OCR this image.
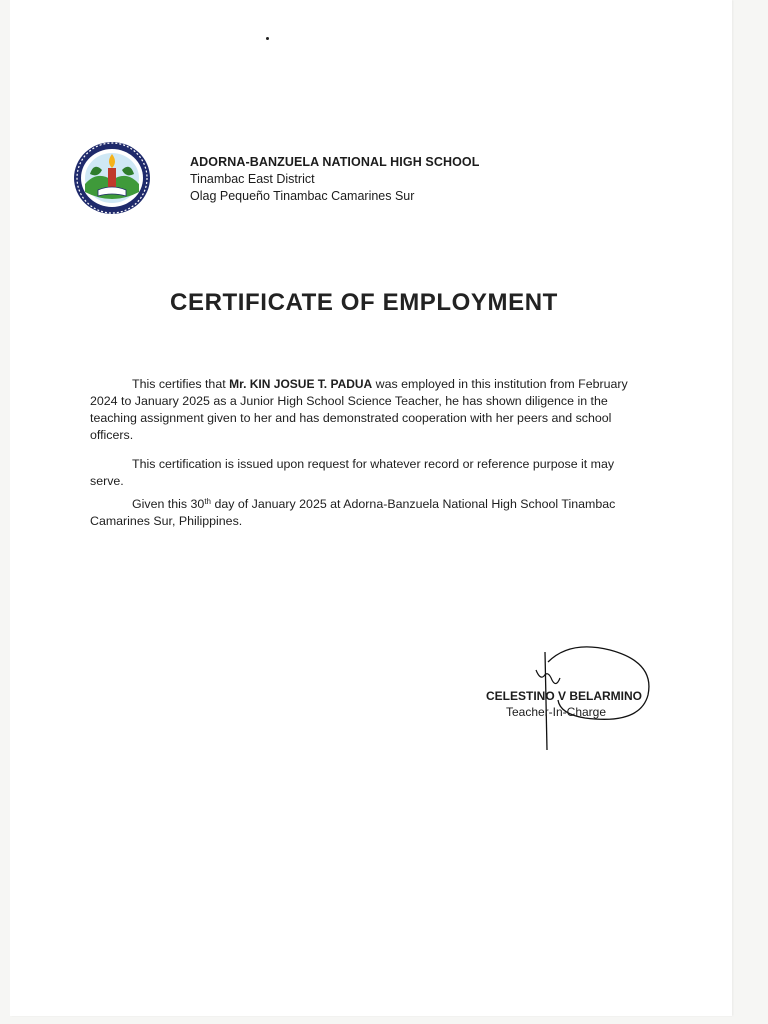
ADORNA-BANZUELA NATIONAL HIGH SCHOOL
Tinambac East District
Olag Pequeño Tinambac Camarines Sur
CERTIFICATE OF EMPLOYMENT
This certifies that Mr. KIN JOSUE T. PADUA was employed in this institution from February 2024 to January 2025 as a Junior High School Science Teacher, he has shown diligence in the teaching assignment given to her and has demonstrated cooperation with her peers and school officers.
This certification is issued upon request for whatever record or reference purpose it may serve.
Given this 30th day of January 2025 at Adorna-Banzuela National High School Tinambac Camarines Sur, Philippines.
CELESTINO V BELARMINO
Teacher-In-Charge
